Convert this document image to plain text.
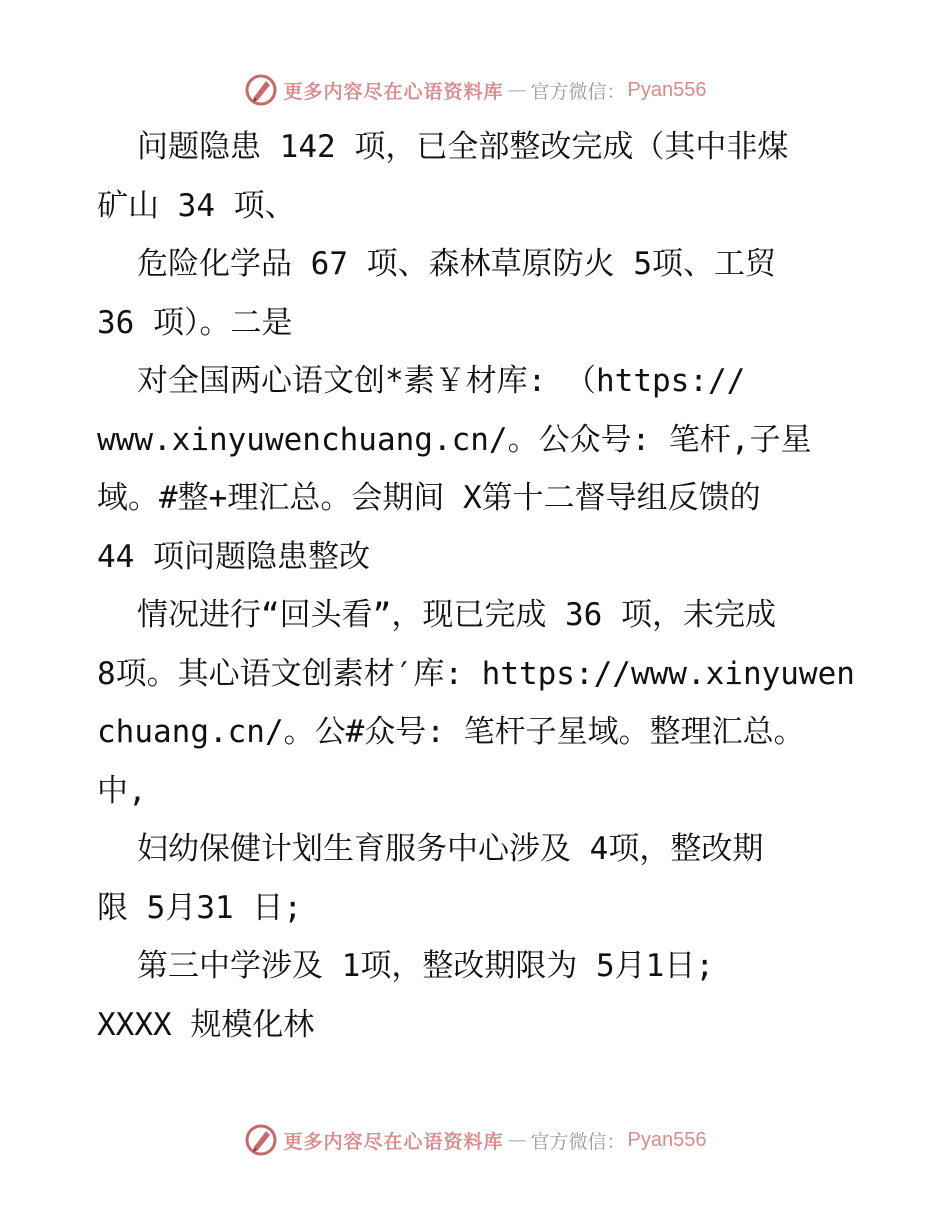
更多内容尽在心语资料库 — 官方微信： Pyan556
问题隐患 142 项，已全部整改完成（其中非煤
矿山 34 项、
危险化学品 67 项、森林草原防火 5项、工贸
36 项）。二是
对全国两心语文创*素￥材库: （https://
www.xinyuwenchuang.cn/。公众号: 笔杆,子星
域。#整+理汇总。会期间 X第十二督导组反馈的
44 项问题隐患整改
情况进行“回头看”，现已完成 36 项，未完成
8项。其心语文创素材′库: https://www.xinyuwen
chuang.cn/。公#众号: 笔杆子星域。整理汇总。
中,
妇幼保健计划生育服务中心涉及 4项，整改期
限 5月31 日;
第三中学涉及 1项，整改期限为 5月1日;
XXXX 规模化林
更多内容尽在心语资料库 — 官方微信： Pyan556
